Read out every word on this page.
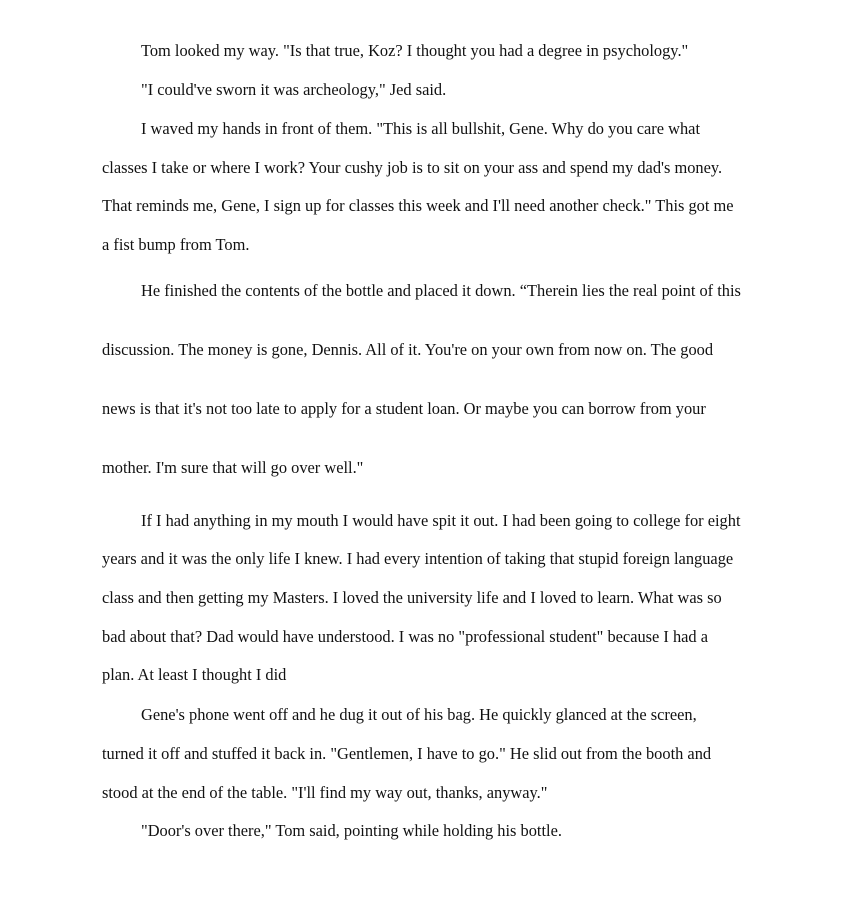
Tom looked my way. "Is that true, Koz? I thought you had a degree in psychology."

"I could've sworn it was archeology," Jed said.

I waved my hands in front of them. "This is all bullshit, Gene. Why do you care what

classes I take or where I work? Your cushy job is to sit on your ass and spend my dad's money.

That reminds me, Gene, I sign up for classes this week and I'll need another check." This got me

a fist bump from Tom.

He finished the contents of the bottle and placed it down. “Therein lies the real point of this

discussion. The money is gone, Dennis. All of it. You're on your own from now on. The good

news is that it's not too late to apply for a student loan. Or maybe you can borrow from your

mother. I'm sure that will go over well."

If I had anything in my mouth I would have spit it out. I had been going to college for eight

years and it was the only life I knew. I had every intention of taking that stupid foreign language

class and then getting my Masters. I loved the university life and I loved to learn. What was so

bad about that? Dad would have understood. I was no "professional student" because I had a

plan. At least I thought I did

Gene's phone went off and he dug it out of his bag. He quickly glanced at the screen,

turned it off and stuffed it back in. "Gentlemen, I have to go." He slid out from the booth and

stood at the end of the table. "I'll find my way out, thanks, anyway."

"Door's over there," Tom said, pointing while holding his bottle.
